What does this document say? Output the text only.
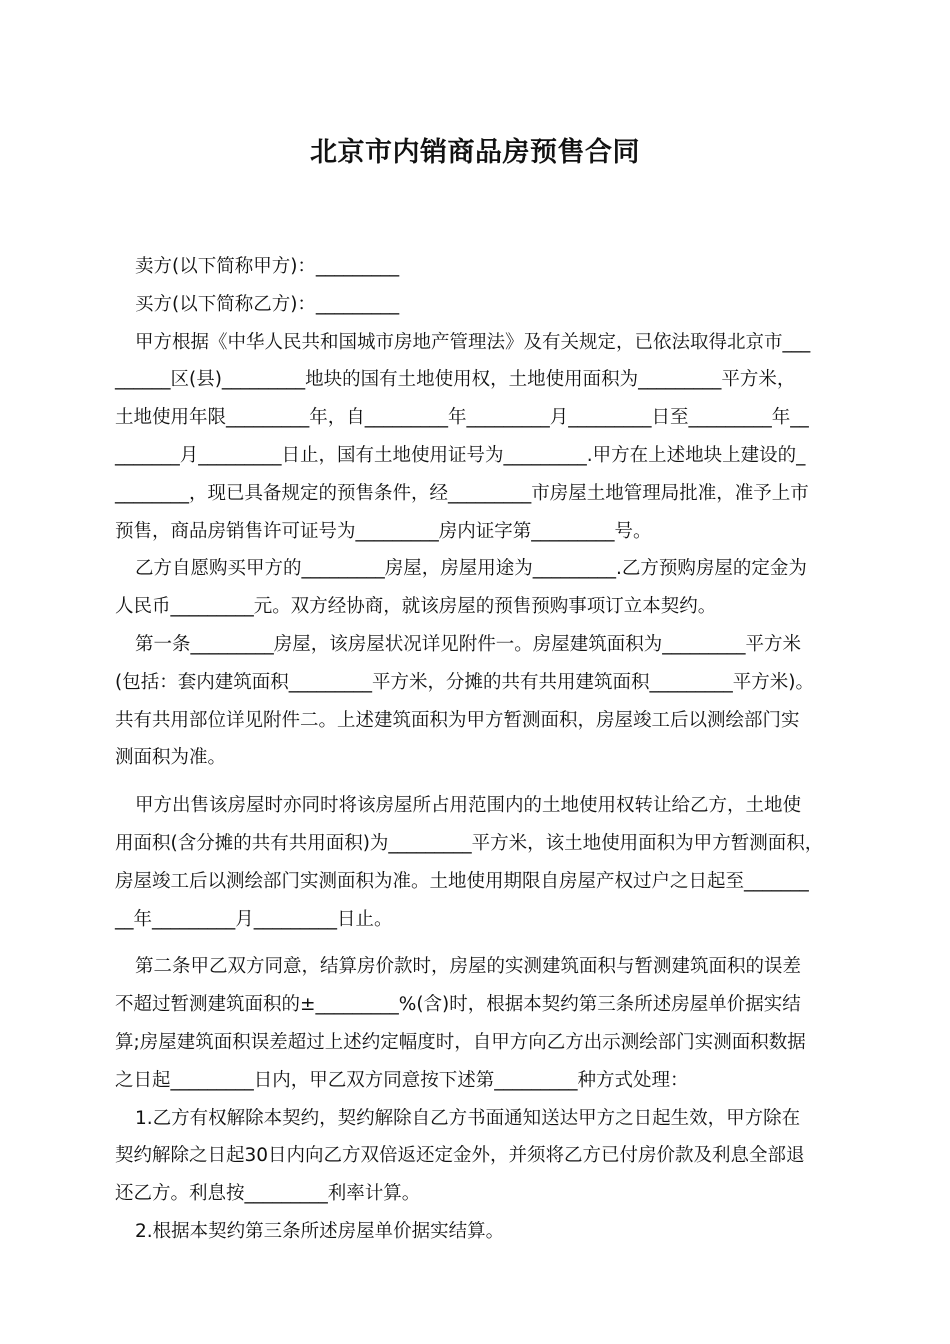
北京市内销商品房预售合同
卖方(以下简称甲方)：_________
买方(以下简称乙方)：_________
甲方根据《中华人民共和国城市房地产管理法》及有关规定，已依法取得北京市___
______区(县)_________地块的国有土地使用权，土地使用面积为_________平方米，
土地使用年限_________年，自_________年_________月_________日至_________年__
_______月_________日止，国有土地使用证号为_________.甲方在上述地块上建设的_
________，现已具备规定的预售条件，经_________市房屋土地管理局批准，准予上市
预售，商品房销售许可证号为_________房内证字第_________号。
乙方自愿购买甲方的_________房屋，房屋用途为_________.乙方预购房屋的定金为
人民币_________元。双方经协商，就该房屋的预售预购事项订立本契约。
第一条_________房屋，该房屋状况详见附件一。房屋建筑面积为_________平方米
(包括：套内建筑面积_________平方米，分摊的共有共用建筑面积_________平方米)。
共有共用部位详见附件二。上述建筑面积为甲方暂测面积，房屋竣工后以测绘部门实
测面积为准。
甲方出售该房屋时亦同时将该房屋所占用范围内的土地使用权转让给乙方，土地使
用面积(含分摊的共有共用面积)为_________平方米，该土地使用面积为甲方暂测面积，
房屋竣工后以测绘部门实测面积为准。土地使用期限自房屋产权过户之日起至_______
__年_________月_________日止。
第二条甲乙双方同意，结算房价款时，房屋的实测建筑面积与暂测建筑面积的误差
不超过暂测建筑面积的±_________%(含)时，根据本契约第三条所述房屋单价据实结
算;房屋建筑面积误差超过上述约定幅度时，自甲方向乙方出示测绘部门实测面积数据
之日起_________日内，甲乙双方同意按下述第_________种方式处理：
1.乙方有权解除本契约，契约解除自乙方书面通知送达甲方之日起生效，甲方除在
契约解除之日起30日内向乙方双倍返还定金外，并须将乙方已付房价款及利息全部退
还乙方。利息按_________利率计算。
2.根据本契约第三条所述房屋单价据实结算。
